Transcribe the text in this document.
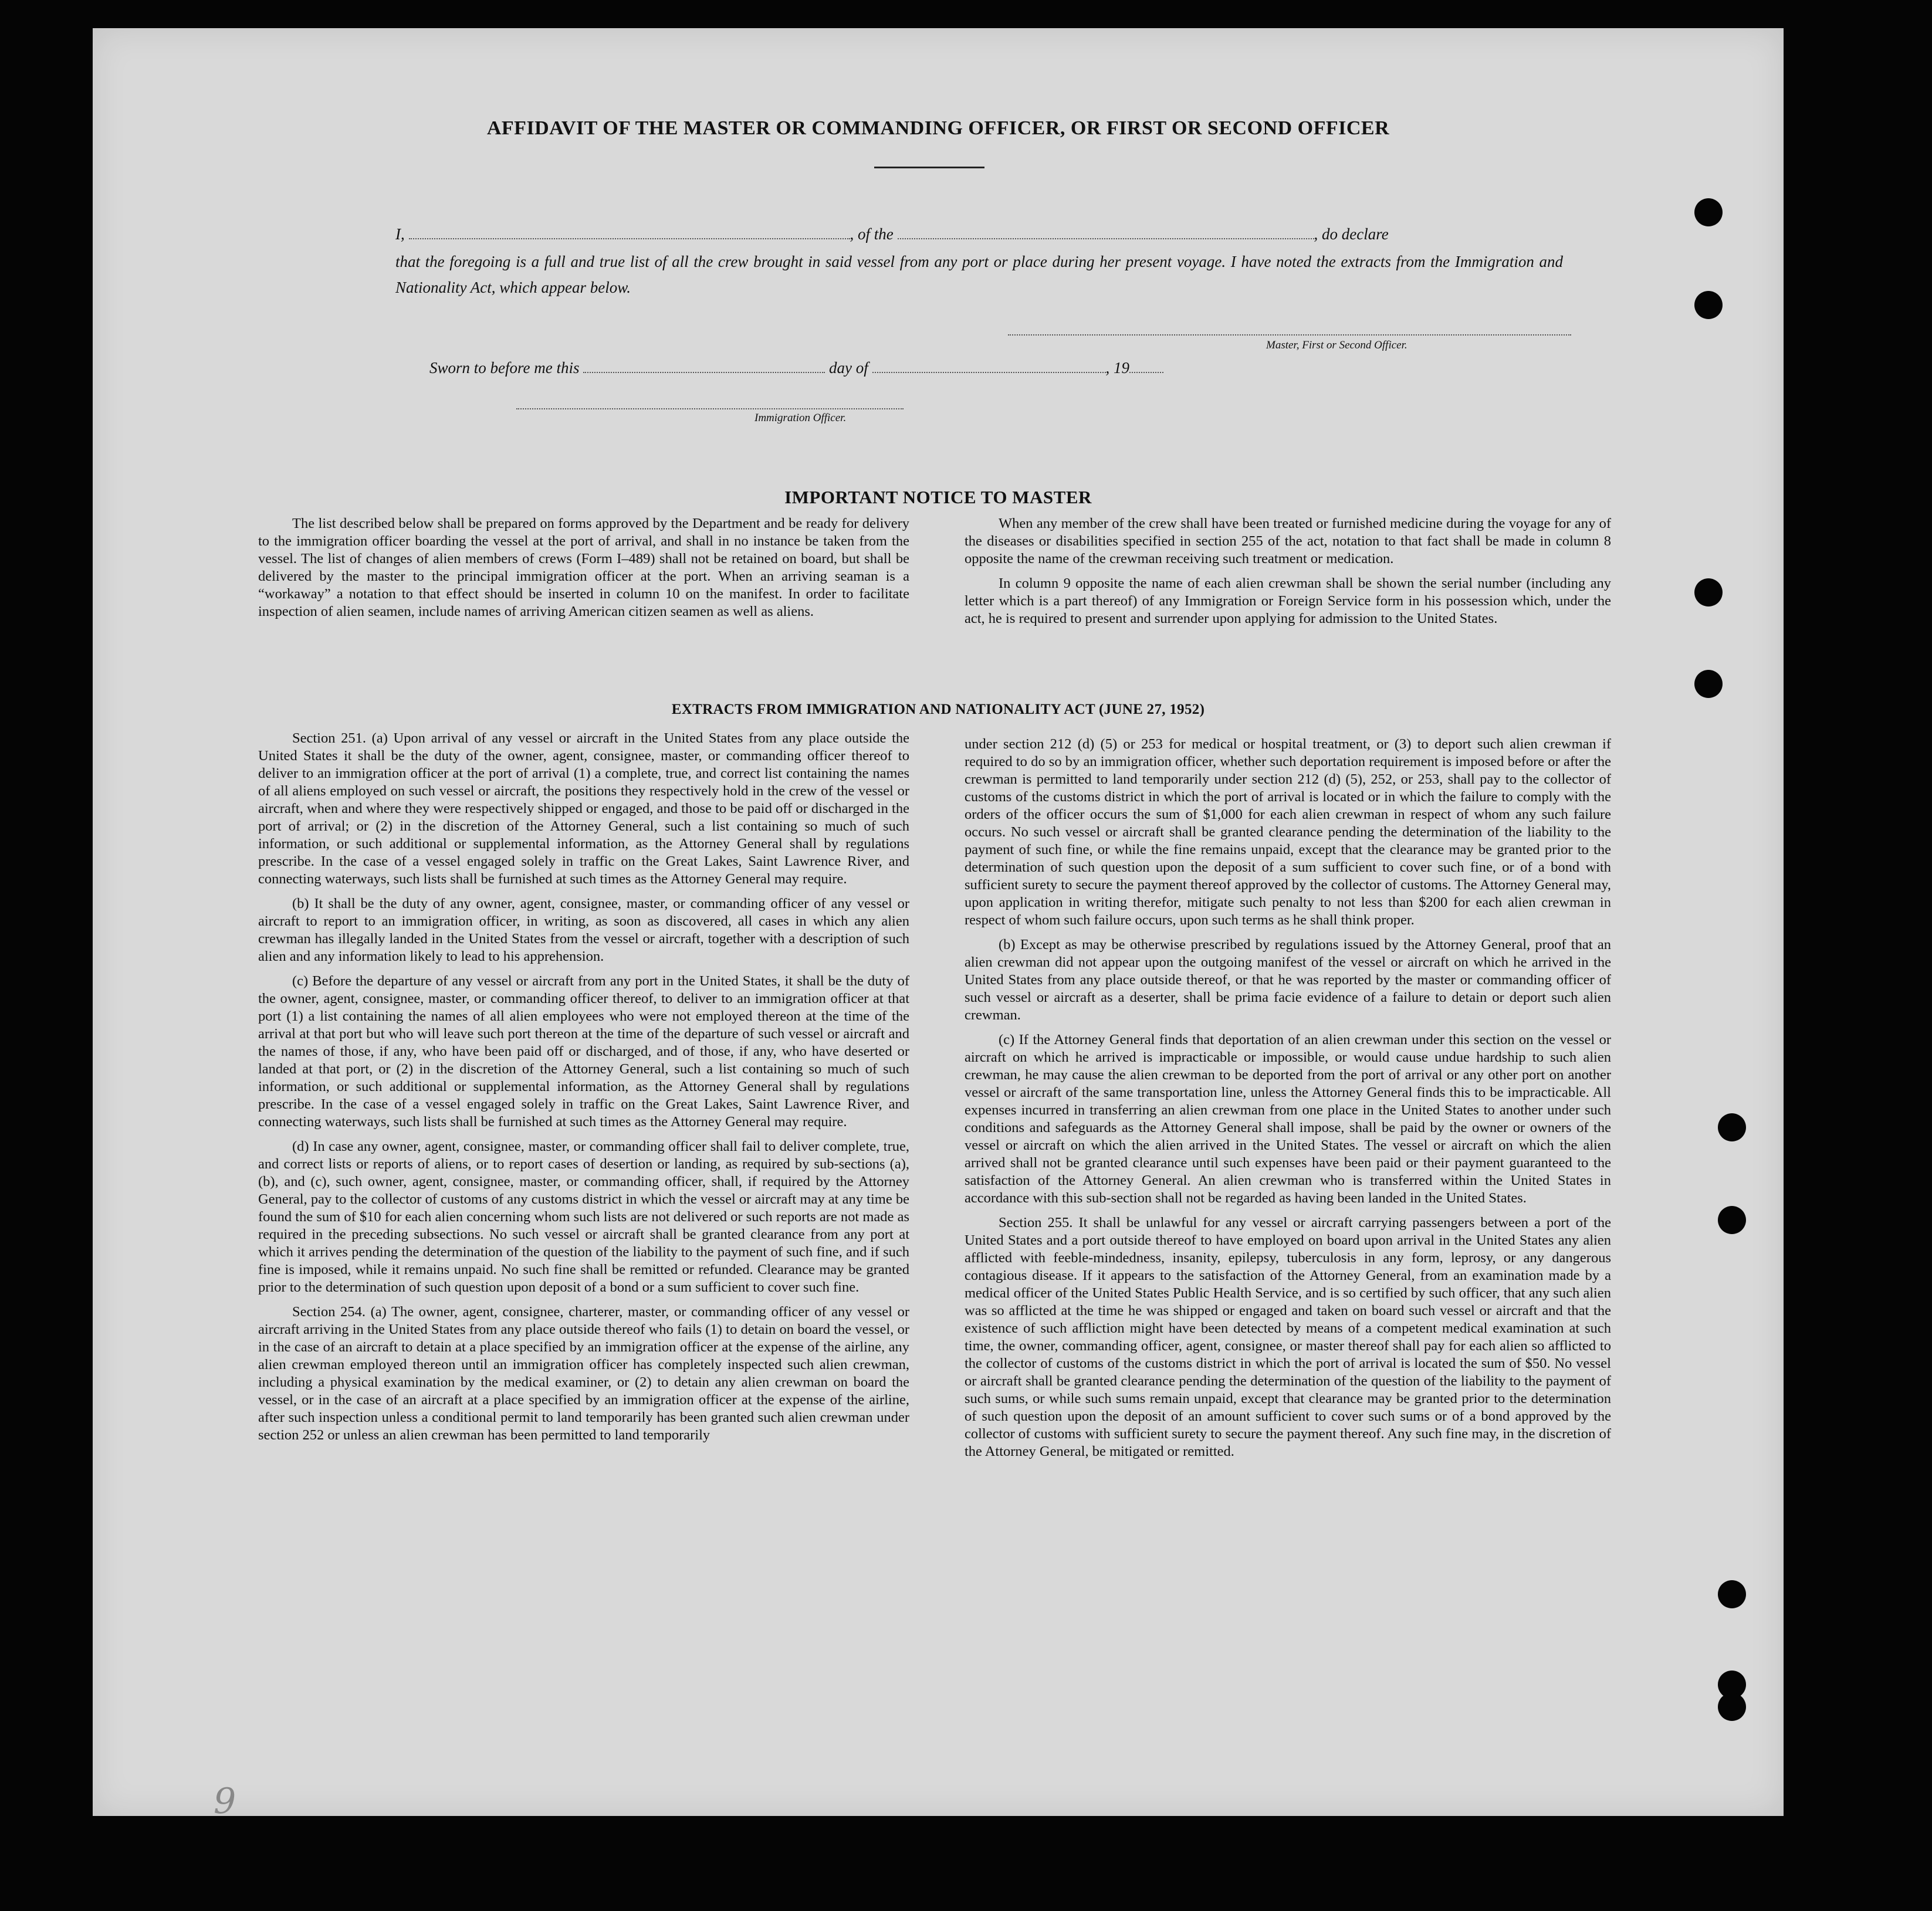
AFFIDAVIT OF THE MASTER OR COMMANDING OFFICER, OR FIRST OR SECOND OFFICER
I,	, of the	, do declare
that the foregoing is a full and true list of all the crew brought in said vessel from any port or place during her present voyage. I have noted the extracts from the Immigration and Nationality Act, which appear below.
Master, First or Second Officer.
Sworn to before me this	day of	, 19
Immigration Officer.
IMPORTANT NOTICE TO MASTER

The list described below shall be prepared on forms approved by the Department and be ready for delivery to the immigration officer boarding the vessel at the port of arrival, and shall in no instance be taken from the vessel. The list of changes of alien members of crews (Form I–489) shall not be retained on board, but shall be delivered by the master to the principal immigration officer at the port. When an arriving seaman is a “workaway” a notation to that effect should be inserted in column 10 on the manifest. In order to facilitate inspection of alien seamen, include names of arriving American citizen seamen as well as aliens.

When any member of the crew shall have been treated or furnished medicine during the voyage for any of the diseases or disabilities specified in section 255 of the act, notation to that fact shall be made in column 8 opposite the name of the crewman receiving such treatment or medication.

In column 9 opposite the name of each alien crewman shall be shown the serial number (including any letter which is a part thereof) of any Immigration or Foreign Service form in his possession which, under the act, he is required to present and surrender upon applying for admission to the United States.

EXTRACTS FROM IMMIGRATION AND NATIONALITY ACT (JUNE 27, 1952)

Section 251. (a) Upon arrival of any vessel or aircraft in the United States from any place outside the United States it shall be the duty of the owner, agent, consignee, master, or commanding officer thereof to deliver to an immigration officer at the port of arrival (1) a complete, true, and correct list containing the names of all aliens employed on such vessel or aircraft, the positions they respectively hold in the crew of the vessel or aircraft, when and where they were respectively shipped or engaged, and those to be paid off or discharged in the port of arrival; or (2) in the discretion of the Attorney General, such a list containing so much of such information, or such additional or supplemental information, as the Attorney General shall by regulations prescribe. In the case of a vessel engaged solely in traffic on the Great Lakes, Saint Lawrence River, and connecting waterways, such lists shall be furnished at such times as the Attorney General may require.

(b) It shall be the duty of any owner, agent, consignee, master, or commanding officer of any vessel or aircraft to report to an immigration officer, in writing, as soon as discovered, all cases in which any alien crewman has illegally landed in the United States from the vessel or aircraft, together with a description of such alien and any information likely to lead to his apprehension.

(c) Before the departure of any vessel or aircraft from any port in the United States, it shall be the duty of the owner, agent, consignee, master, or commanding officer thereof, to deliver to an immigration officer at that port (1) a list containing the names of all alien employees who were not employed thereon at the time of the arrival at that port but who will leave such port thereon at the time of the departure of such vessel or aircraft and the names of those, if any, who have been paid off or discharged, and of those, if any, who have deserted or landed at that port, or (2) in the discretion of the Attorney General, such a list containing so much of such information, or such additional or supplemental information, as the Attorney General shall by regulations prescribe. In the case of a vessel engaged solely in traffic on the Great Lakes, Saint Lawrence River, and connecting waterways, such lists shall be furnished at such times as the Attorney General may require.

(d) In case any owner, agent, consignee, master, or commanding officer shall fail to deliver complete, true, and correct lists or reports of aliens, or to report cases of desertion or landing, as required by sub-sections (a), (b), and (c), such owner, agent, consignee, master, or commanding officer, shall, if required by the Attorney General, pay to the collector of customs of any customs district in which the vessel or aircraft may at any time be found the sum of $10 for each alien concerning whom such lists are not delivered or such reports are not made as required in the preceding subsections. No such vessel or aircraft shall be granted clearance from any port at which it arrives pending the determination of the question of the liability to the payment of such fine, and if such fine is imposed, while it remains unpaid. No such fine shall be remitted or refunded. Clearance may be granted prior to the determination of such question upon deposit of a bond or a sum sufficient to cover such fine.

Section 254. (a) The owner, agent, consignee, charterer, master, or commanding officer of any vessel or aircraft arriving in the United States from any place outside thereof who fails (1) to detain on board the vessel, or in the case of an aircraft to detain at a place specified by an immigration officer at the expense of the airline, any alien crewman employed thereon until an immigration officer has completely inspected such alien crewman, including a physical examination by the medical examiner, or (2) to detain any alien crewman on board the vessel, or in the case of an aircraft at a place specified by an immigration officer at the expense of the airline, after such inspection unless a conditional permit to land temporarily has been granted such alien crewman under section 252 or unless an alien crewman has been permitted to land temporarily

under section 212 (d) (5) or 253 for medical or hospital treatment, or (3) to deport such alien crewman if required to do so by an immigration officer, whether such deportation requirement is imposed before or after the crewman is permitted to land temporarily under section 212 (d) (5), 252, or 253, shall pay to the collector of customs of the customs district in which the port of arrival is located or in which the failure to comply with the orders of the officer occurs the sum of $1,000 for each alien crewman in respect of whom any such failure occurs. No such vessel or aircraft shall be granted clearance pending the determination of the liability to the payment of such fine, or while the fine remains unpaid, except that the clearance may be granted prior to the determination of such question upon the deposit of a sum sufficient to cover such fine, or of a bond with sufficient surety to secure the payment thereof approved by the collector of customs. The Attorney General may, upon application in writing therefor, mitigate such penalty to not less than $200 for each alien crewman in respect of whom such failure occurs, upon such terms as he shall think proper.

(b) Except as may be otherwise prescribed by regulations issued by the Attorney General, proof that an alien crewman did not appear upon the outgoing manifest of the vessel or aircraft on which he arrived in the United States from any place outside thereof, or that he was reported by the master or commanding officer of such vessel or aircraft as a deserter, shall be prima facie evidence of a failure to detain or deport such alien crewman.

(c) If the Attorney General finds that deportation of an alien crewman under this section on the vessel or aircraft on which he arrived is impracticable or impossible, or would cause undue hardship to such alien crewman, he may cause the alien crewman to be deported from the port of arrival or any other port on another vessel or aircraft of the same transportation line, unless the Attorney General finds this to be impracticable. All expenses incurred in transferring an alien crewman from one place in the United States to another under such conditions and safeguards as the Attorney General shall impose, shall be paid by the owner or owners of the vessel or aircraft on which the alien arrived in the United States. The vessel or aircraft on which the alien arrived shall not be granted clearance until such expenses have been paid or their payment guaranteed to the satisfaction of the Attorney General. An alien crewman who is transferred within the United States in accordance with this sub-section shall not be regarded as having been landed in the United States.

Section 255. It shall be unlawful for any vessel or aircraft carrying passengers between a port of the United States and a port outside thereof to have employed on board upon arrival in the United States any alien afflicted with feeble-mindedness, insanity, epilepsy, tuberculosis in any form, leprosy, or any dangerous contagious disease. If it appears to the satisfaction of the Attorney General, from an examination made by a medical officer of the United States Public Health Service, and is so certified by such officer, that any such alien was so afflicted at the time he was shipped or engaged and taken on board such vessel or aircraft and that the existence of such affliction might have been detected by means of a competent medical examination at such time, the owner, commanding officer, agent, consignee, or master thereof shall pay for each alien so afflicted to the collector of customs of the customs district in which the port of arrival is located the sum of $50. No vessel or aircraft shall be granted clearance pending the determination of the question of the liability to the payment of such sums, or while such sums remain unpaid, except that clearance may be granted prior to the determination of such question upon the deposit of an amount sufficient to cover such sums or of a bond approved by the collector of customs with sufficient surety to secure the payment thereof. Any such fine may, in the discretion of the Attorney General, be mitigated or remitted.

9
